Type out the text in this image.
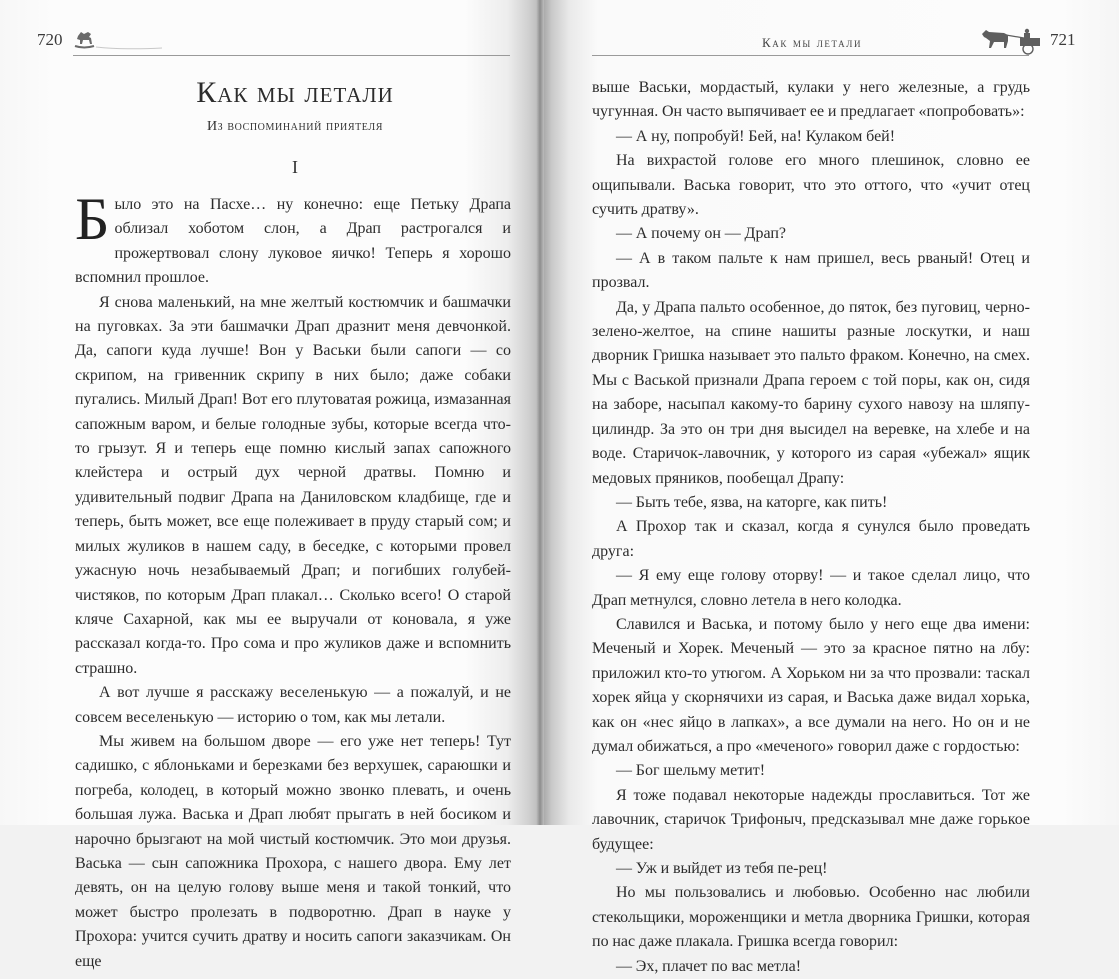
720
Как мы летали
Из воспоминаний приятеля
I

Было это на Пасхе… ну конечно: еще Петьку Драпа облизал хоботом слон, а Драп растрогался и прожертвовал слону луковое яичко! Теперь я хорошо вспомнил прошлое.

Я снова маленький, на мне желтый костюмчик и башмачки на пуговках. За эти башмачки Драп дразнит меня девчонкой. Да, сапоги куда лучше! Вон у Васьки были сапоги — со скрипом, на гривенник скрипу в них было; даже собаки пугались. Милый Драп! Вот его плутоватая рожица, измазанная сапожным варом, и белые голодные зубы, которые всегда что-то грызут. Я и теперь еще помню кислый запах сапожного клейстера и острый дух черной дратвы. Помню и удивительный подвиг Драпа на Даниловском кладбище, где и теперь, быть может, все еще полеживает в пруду старый сом; и милых жуликов в нашем саду, в беседке, с которыми провел ужасную ночь незабываемый Драп; и погибших голубей-чистяков, по которым Драп плакал… Сколько всего! О старой кляче Сахарной, как мы ее выручали от коновала, я уже рассказал когда-то. Про сома и про жуликов даже и вспомнить страшно.

А вот лучше я расскажу веселенькую — а пожалуй, и не совсем веселенькую — историю о том, как мы летали.

Мы живем на большом дворе — его уже нет теперь! Тут садишко, с яблоньками и березками без верхушек, сараюшки и погреба, колодец, в который можно звонко плевать, и очень большая лужа. Васька и Драп любят прыгать в ней босиком и нарочно брызгают на мой чистый костюмчик. Это мои друзья. Васька — сын сапожника Прохора, с нашего двора. Ему лет девять, он на целую голову выше меня и такой тонкий, что может быстро пролезать в подворотню. Драп в науке у Прохора: учится сучить дратву и носить сапоги заказчикам. Он еще

Как мы летали	721

выше Васьки, мордастый, кулаки у него железные, а грудь чугунная. Он часто выпячивает ее и предлагает «попробовать»:

— А ну, попробуй! Бей, на! Кулаком бей!

На вихрастой голове его много плешинок, словно ее ощипывали. Васька говорит, что это оттого, что «учит отец сучить дратву».

— А почему он — Драп?

— А в таком пальте к нам пришел, весь рваный! Отец и прозвал.

Да, у Драпа пальто особенное, до пяток, без пуговиц, черно-зелено-желтое, на спине нашиты разные лоскутки, и наш дворник Гришка называет это пальто фраком. Конечно, на смех. Мы с Васькой признали Драпа героем с той поры, как он, сидя на заборе, насыпал какому-то барину сухого навозу на шляпу-цилиндр. За это он три дня высидел на веревке, на хлебе и на воде. Старичок-лавочник, у которого из сарая «убежал» ящик медовых пряников, пообещал Драпу:

— Быть тебе, язва, на каторге, как пить!

А Прохор так и сказал, когда я сунулся было проведать друга:

— Я ему еще голову оторву! — и такое сделал лицо, что Драп метнулся, словно летела в него колодка.

Славился и Васька, и потому было у него еще два имени: Меченый и Хорек. Меченый — это за красное пятно на лбу: приложил кто-то утюгом. А Хорьком ни за что прозвали: таскал хорек яйца у скорнячихи из сарая, и Васька даже видал хорька, как он «нес яйцо в лапках», а все думали на него. Но он и не думал обижаться, а про «меченого» говорил даже с гордостью:

— Бог шельму метит!

Я тоже подавал некоторые надежды прославиться. Тот же лавочник, старичок Трифоныч, предсказывал мне даже горькое будущее:

— Уж и выйдет из тебя пе-рец!

Но мы пользовались и любовью. Особенно нас любили стекольщики, мороженщики и метла дворника Гришки, которая по нас даже плакала. Гришка всегда говорил:

— Эх, плачет по вас метла!
